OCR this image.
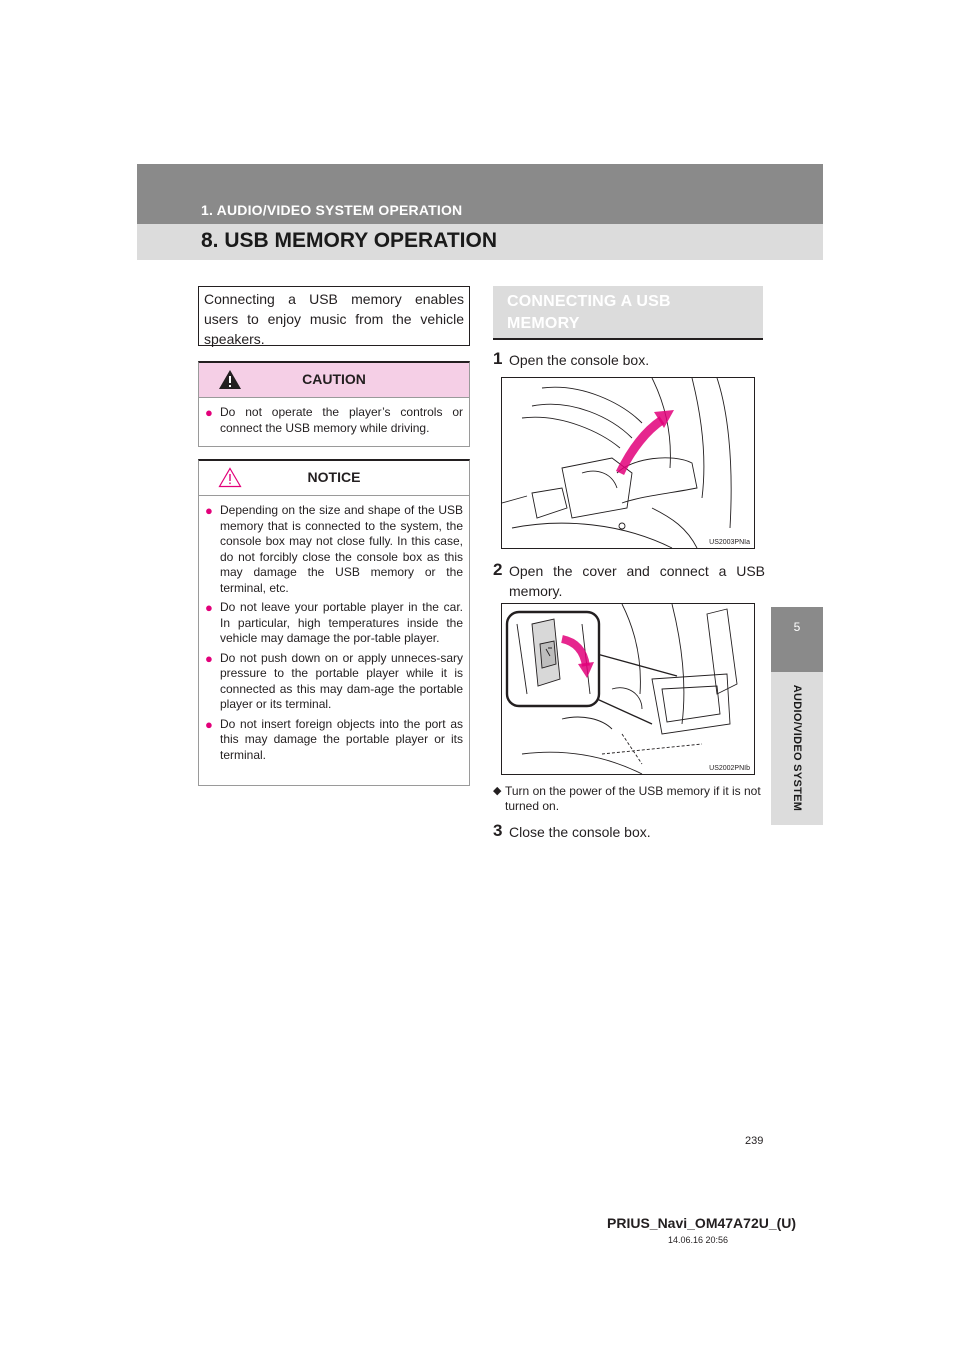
1. AUDIO/VIDEO SYSTEM OPERATION
8. USB MEMORY OPERATION
5
AUDIO/VIDEO SYSTEM
Connecting a USB memory enables users to enjoy music from the vehicle speakers.
CAUTION
● Do not operate the player’s controls or connect the USB memory while driving.
NOTICE
● Depending on the size and shape of the USB memory that is connected to the system, the console box may not close fully. In this case, do not forcibly close the console box as this may damage the USB memory or the terminal, etc.
● Do not leave your portable player in the car. In particular, high temperatures inside the vehicle may damage the por-table player.
● Do not push down on or apply unneces-sary pressure to the portable player while it is connected as this may dam-age the portable player or its terminal.
● Do not insert foreign objects into the port as this may damage the portable player or its terminal.
CONNECTING A USB
MEMORY
1 Open the console box.
US2003PNIa
2 Open the cover and connect a USB memory.
US2002PNIb
◆ Turn on the power of the USB memory if it is not turned on.
3 Close the console box.
239
PRIUS_Navi_OM47A72U_(U)
14.06.16 20:56
